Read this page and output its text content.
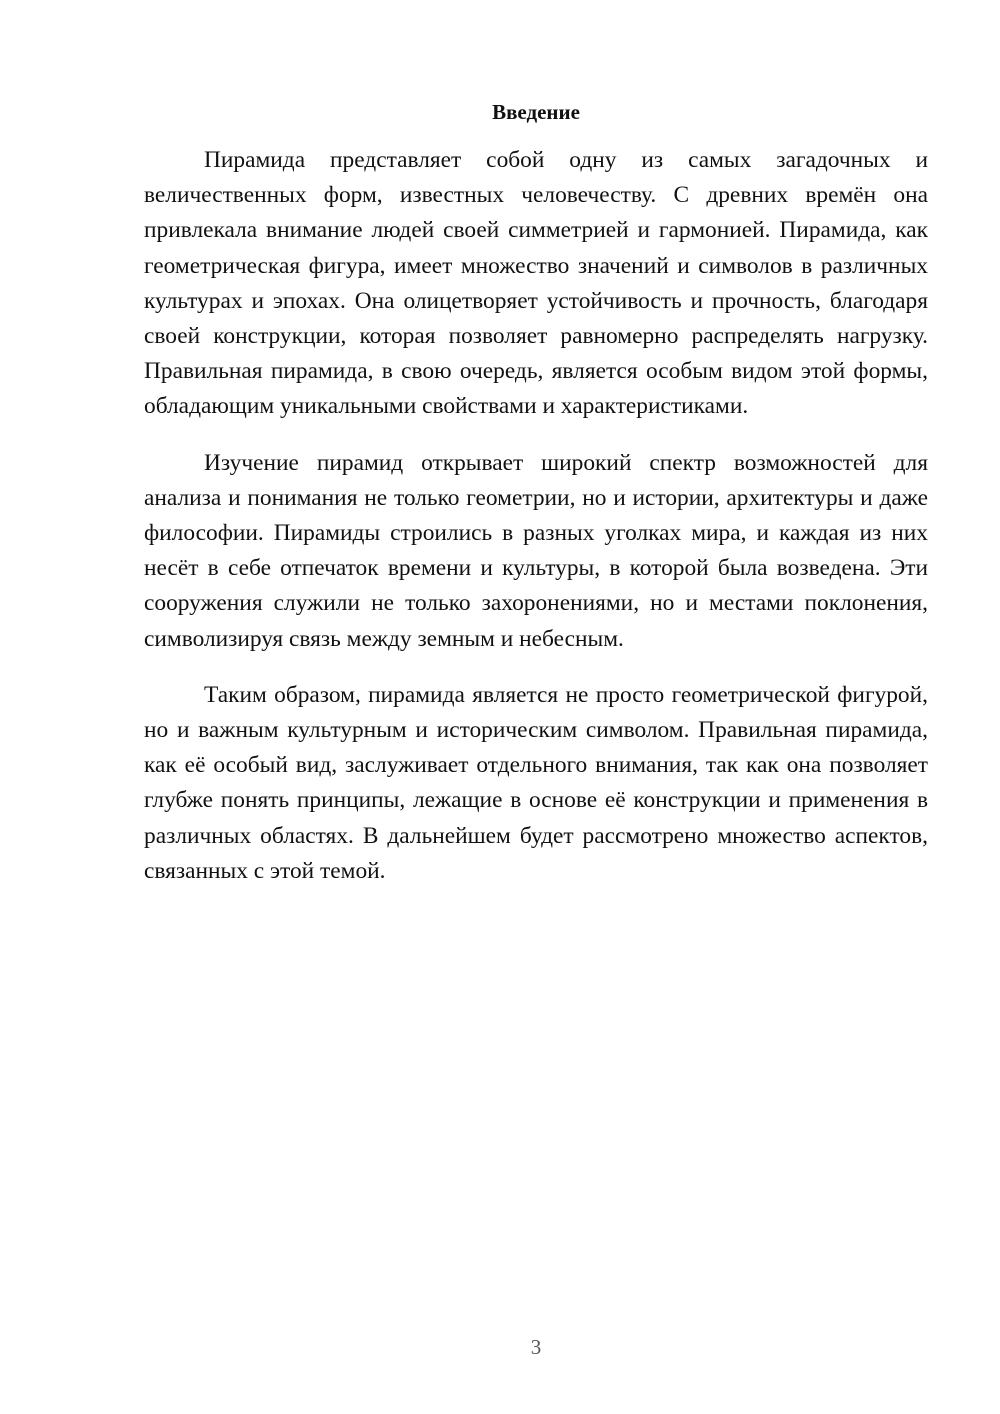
Введение

Пирамида представляет собой одну из самых загадочных и величественных форм, известных человечеству. С древних времён она привлекала внимание людей своей симметрией и гармонией. Пирамида, как геометрическая фигура, имеет множество значений и символов в различных культурах и эпохах. Она олицетворяет устойчивость и прочность, благодаря своей конструкции, которая позволяет равномерно распределять нагрузку. Правильная пирамида, в свою очередь, является особым видом этой формы, обладающим уникальными свойствами и характеристиками.

Изучение пирамид открывает широкий спектр возможностей для анализа и понимания не только геометрии, но и истории, архитектуры и даже философии. Пирамиды строились в разных уголках мира, и каждая из них несёт в себе отпечаток времени и культуры, в которой была возведена. Эти сооружения служили не только захоронениями, но и местами поклонения, символизируя связь между земным и небесным.

Таким образом, пирамида является не просто геометрической фигурой, но и важным культурным и историческим символом. Правильная пирамида, как её особый вид, заслуживает отдельного внимания, так как она позволяет глубже понять принципы, лежащие в основе её конструкции и применения в различных областях. В дальнейшем будет рассмотрено множество аспектов, связанных с этой темой.

3
